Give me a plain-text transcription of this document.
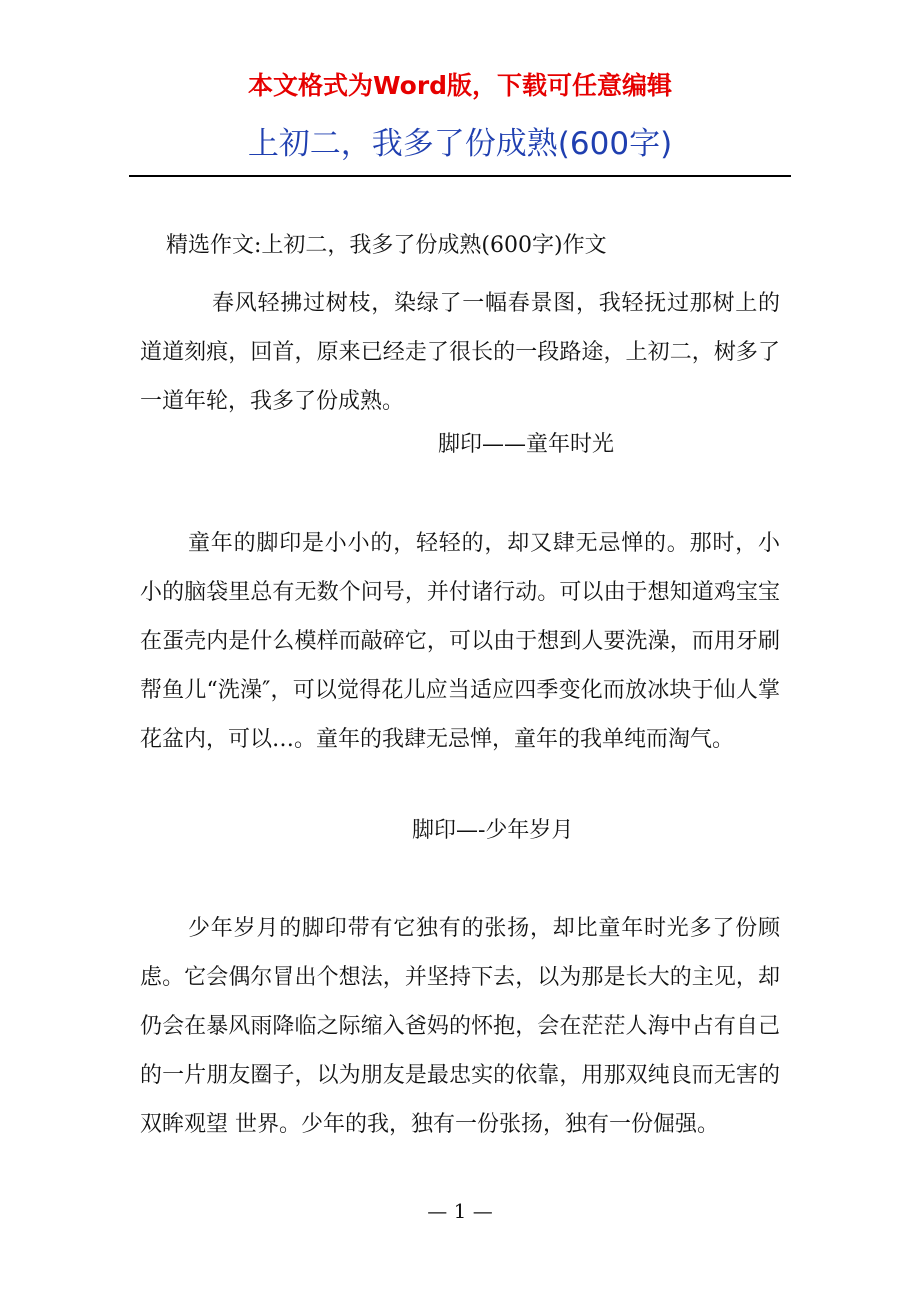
本文格式为Word版，下载可任意编辑
上初二，我多了份成熟(600字)
精选作文:上初二，我多了份成熟(600字)作文

春风轻拂过树枝，染绿了一幅春景图，我轻抚过那树上的道道刻痕，回首，原来已经走了很长的一段路途，上初二，树多了一道年轮，我多了份成熟。

脚印——童年时光

童年的脚印是小小的，轻轻的，却又肆无忌惮的。那时，小小的脑袋里总有无数个问号，并付诸行动。可以由于想知道鸡宝宝在蛋壳内是什么模样而敲碎它，可以由于想到人要洗澡，而用牙刷帮鱼儿“洗澡″，可以觉得花儿应当适应四季变化而放冰块于仙人掌花盆内，可以…。童年的我肆无忌惮，童年的我单纯而淘气。

脚印—-少年岁月

少年岁月的脚印带有它独有的张扬，却比童年时光多了份顾虑。它会偶尔冒出个想法，并坚持下去，以为那是长大的主见，却仍会在暴风雨降临之际缩入爸妈的怀抱，会在茫茫人海中占有自己的一片朋友圈子，以为朋友是最忠实的依靠，用那双纯良而无害的双眸观望 世界。少年的我，独有一份张扬，独有一份倔强。

— 1 —
